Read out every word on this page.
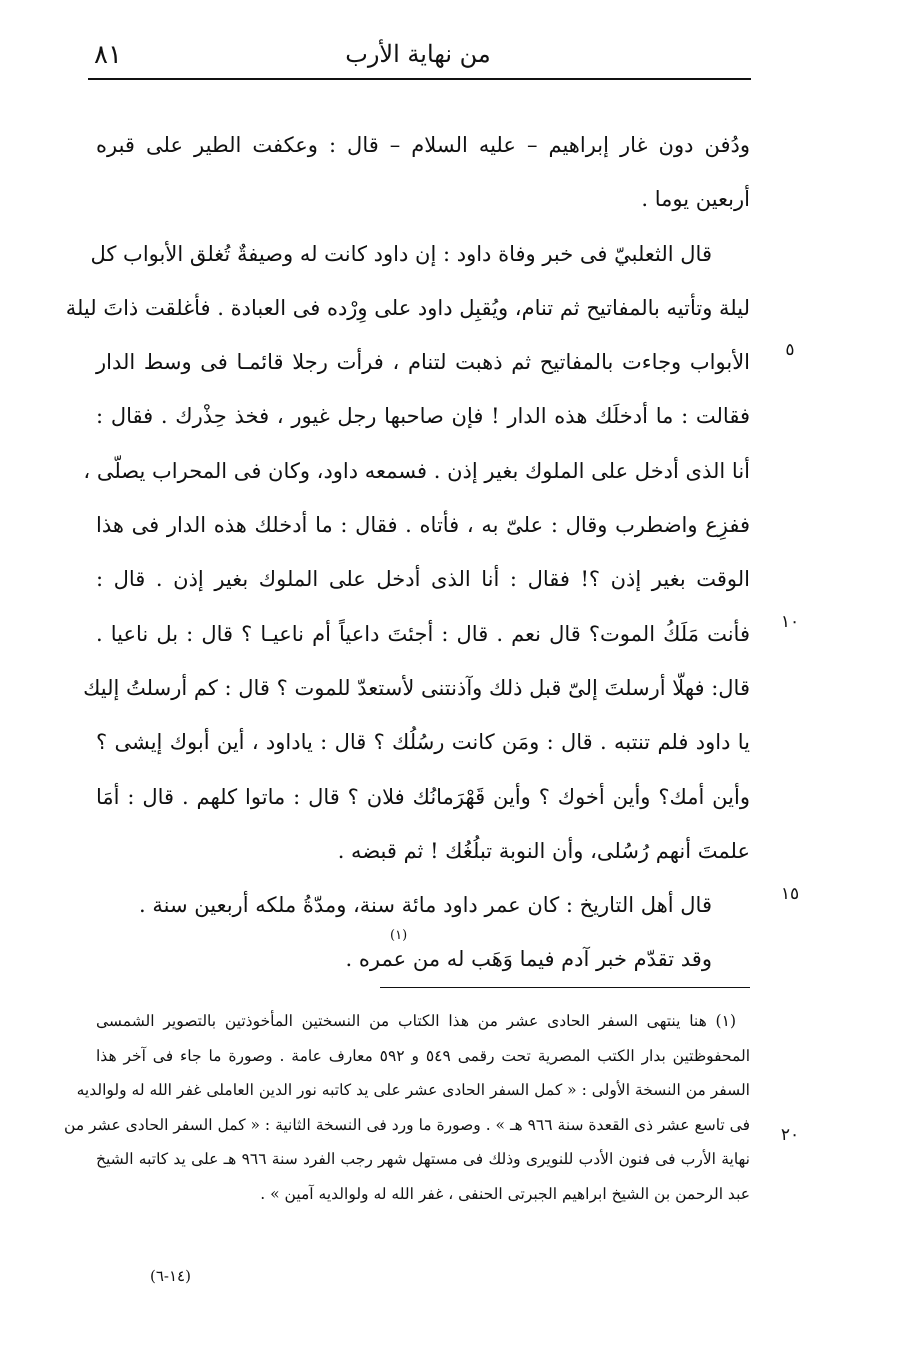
٨١	من نهاية الأرب
ودُفن دون غار إبراهيم – عليه السلام – قال : وعكفت الطير على قبره
أربعين يوما .
قال الثعلبيّ فى خبر وفاة داود : إن داود كانت له وصيفةٌ تُغلق الأبواب كل
ليلة وتأتيه بالمفاتيح ثم تنام، ويُقبِل داود على وِرْده فى العبادة . فأغلقت ذاتَ ليلة
الأبواب وجاءت بالمفاتيح ثم ذهبت لتنام ، فرأت رجلا قائمـا فى وسط الدار
فقالت : ما أدخلَك هذه الدار ! فإن صاحبها رجل غيور ، فخذ حِذْرك . فقال :
أنا الذى أدخل على الملوك بغير إذن . فسمعه داود، وكان فى المحراب يصلّى ،
ففزِع واضطرب وقال : علىّ به ، فأتاه . فقال : ما أدخلك هذه الدار فى هذا
الوقت بغير إذن ؟! فقال : أنا الذى أدخل على الملوك بغير إذن . قال :
فأنت مَلَكُ الموت؟ قال نعم . قال : أجئتَ داعياً أم ناعيـا ؟ قال : بل ناعيا .
قال: فهلّا أرسلتَ إلىّ قبل ذلك وآذنتنى لأستعدّ للموت ؟ قال : كم أرسلتُ إليك
يا داود فلم تنتبه . قال : ومَن كانت رسُلُك ؟ قال : ياداود ، أين أبوك إيشى ؟
وأين أمك؟ وأين أخوك ؟ وأين قَهْرَمانُك فلان ؟ قال : ماتوا كلهم . قال : أمَا
علمتَ أنهم رُسُلى، وأن النوبة تبلُغُك ! ثم قبضه .
قال أهل التاريخ : كان عمر داود مائة سنة، ومدّةُ ملكه أربعين سنة .
وقد تقدّم خبر آدم فيما وَهَب له من عمره .
٥
١٠
١٥
٢٠
(١)
(١) هنا ينتهى السفر الحادى عشر من هذا الكتاب من النسختين المأخوذتين بالتصوير الشمسى
المحفوظتين بدار الكتب المصرية تحت رقمى ٥٤٩ و ٥٩٢ معارف عامة . وصورة ما جاء فى آخر هذا
السفر من النسخة الأولى : « كمل السفر الحادى عشر على يد كاتبه نور الدين العاملى غفر الله له ولوالديه
فى تاسع عشر ذى القعدة سنة ٩٦٦ هـ » . وصورة ما ورد فى النسخة الثانية : « كمل السفر الحادى عشر من
نهاية الأرب فى فنون الأدب للنويرى وذلك فى مستهل شهر رجب الفرد سنة ٩٦٦ هـ على يد كاتبه الشيخ
عبد الرحمن بن الشيخ ابراهيم الجبرتى الحنفى ، غفر الله له ولوالديه آمين » .
(١٤-٦)
